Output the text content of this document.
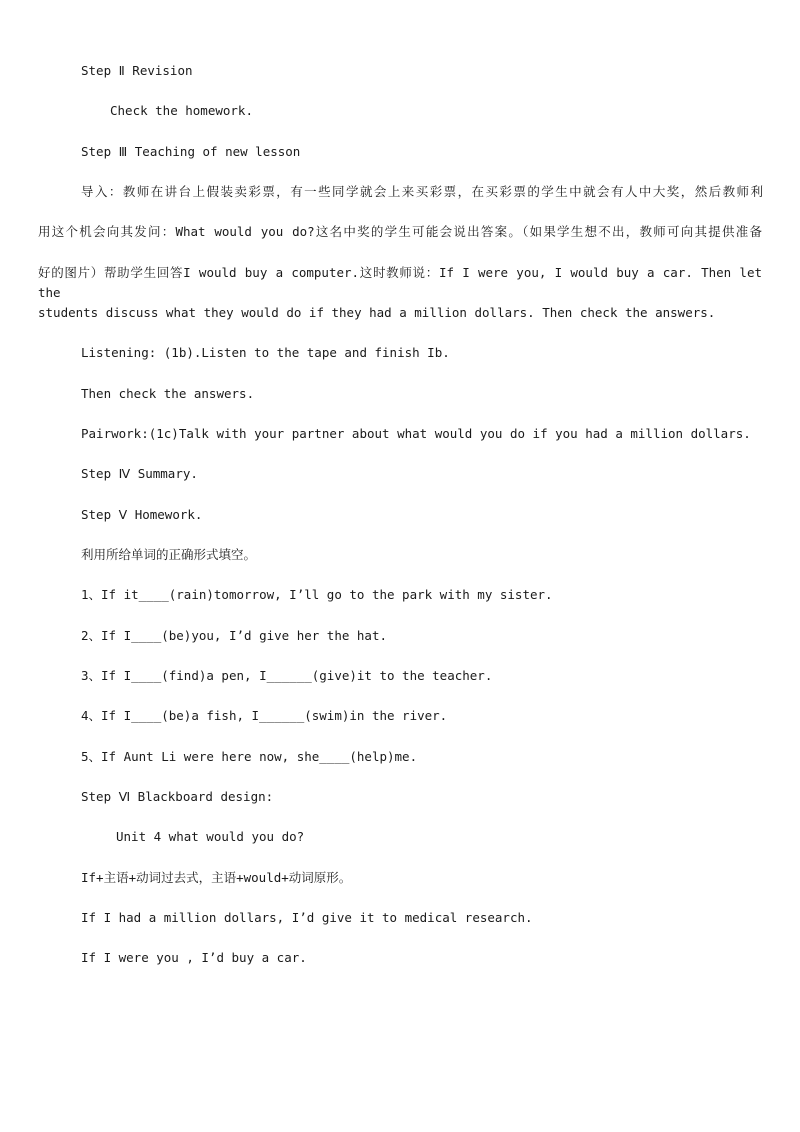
Step Ⅱ Revision
Check the homework.
Step Ⅲ Teaching of new lesson
导入：教师在讲台上假装卖彩票，有一些同学就会上来买彩票，在买彩票的学生中就会有人中大奖，然后教师利
用这个机会向其发问：What would you do?这名中奖的学生可能会说出答案。（如果学生想不出，教师可向其提供准备
好的图片）帮助学生回答I would buy a computer.这时教师说：If I were you, I would buy a car. Then let the
students discuss what they would do if they had a million dollars. Then check the answers.
Listening: (1b).Listen to the tape and finish Ib.
Then check the answers.
Pairwork:(1c)Talk with your partner about what would you do if you had a million dollars.
Step Ⅳ Summary.
Step Ⅴ Homework.
利用所给单词的正确形式填空。
1、If it____(rain)tomorrow, I’ll go to the park with my sister.
2、If I____(be)you, I’d give her the hat.
3、If I____(find)a pen, I______(give)it to the teacher.
4、If I____(be)a fish, I______(swim)in the river.
5、If Aunt Li were here now, she____(help)me.
Step Ⅵ Blackboard design:
Unit 4 what would you do?
If+主语+动词过去式，主语+would+动词原形。
If I had a million dollars, I’d give it to medical research.
If I were you , I’d buy a car.
